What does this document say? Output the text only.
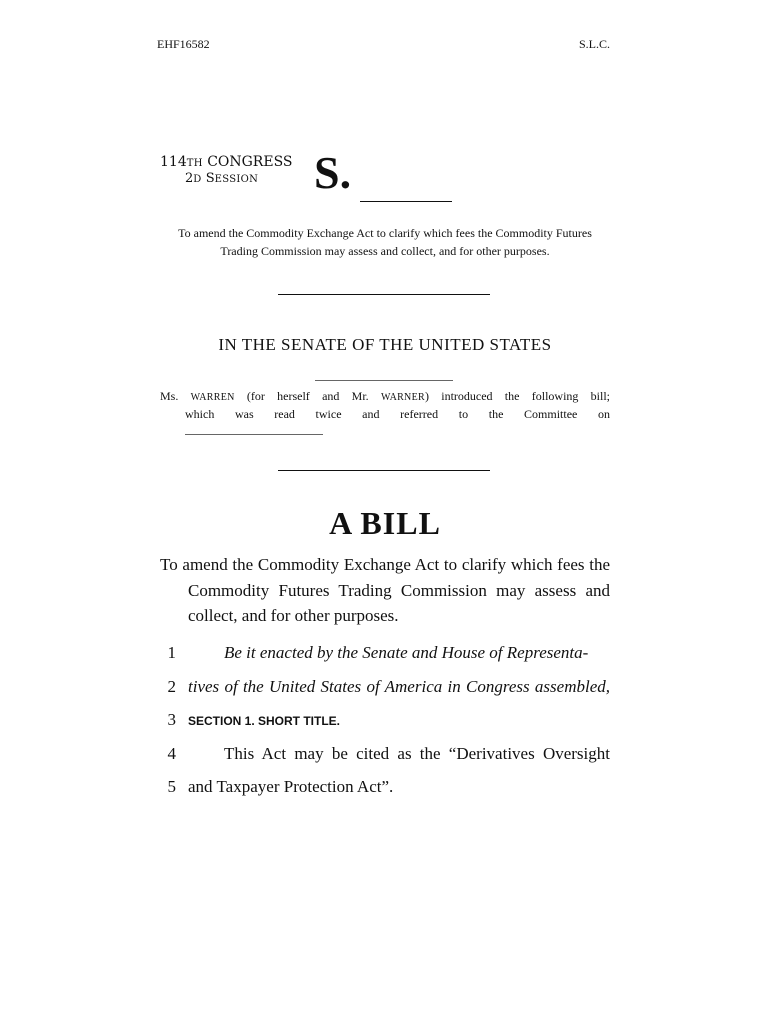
EHF16582	S.L.C.
114TH CONGRESS
2D SESSION S.
To amend the Commodity Exchange Act to clarify which fees the Commodity Futures Trading Commission may assess and collect, and for other purposes.
IN THE SENATE OF THE UNITED STATES
Ms. WARREN (for herself and Mr. WARNER) introduced the following bill;
which was read twice and referred to the Committee on
A BILL
To amend the Commodity Exchange Act to clarify which fees the Commodity Futures Trading Commission may assess and collect, and for other purposes.
1	Be it enacted by the Senate and House of Representa-
2 tives of the United States of America in Congress assembled,
3 SECTION 1. SHORT TITLE.
4	This Act may be cited as the “Derivatives Oversight
5 and Taxpayer Protection Act”.
